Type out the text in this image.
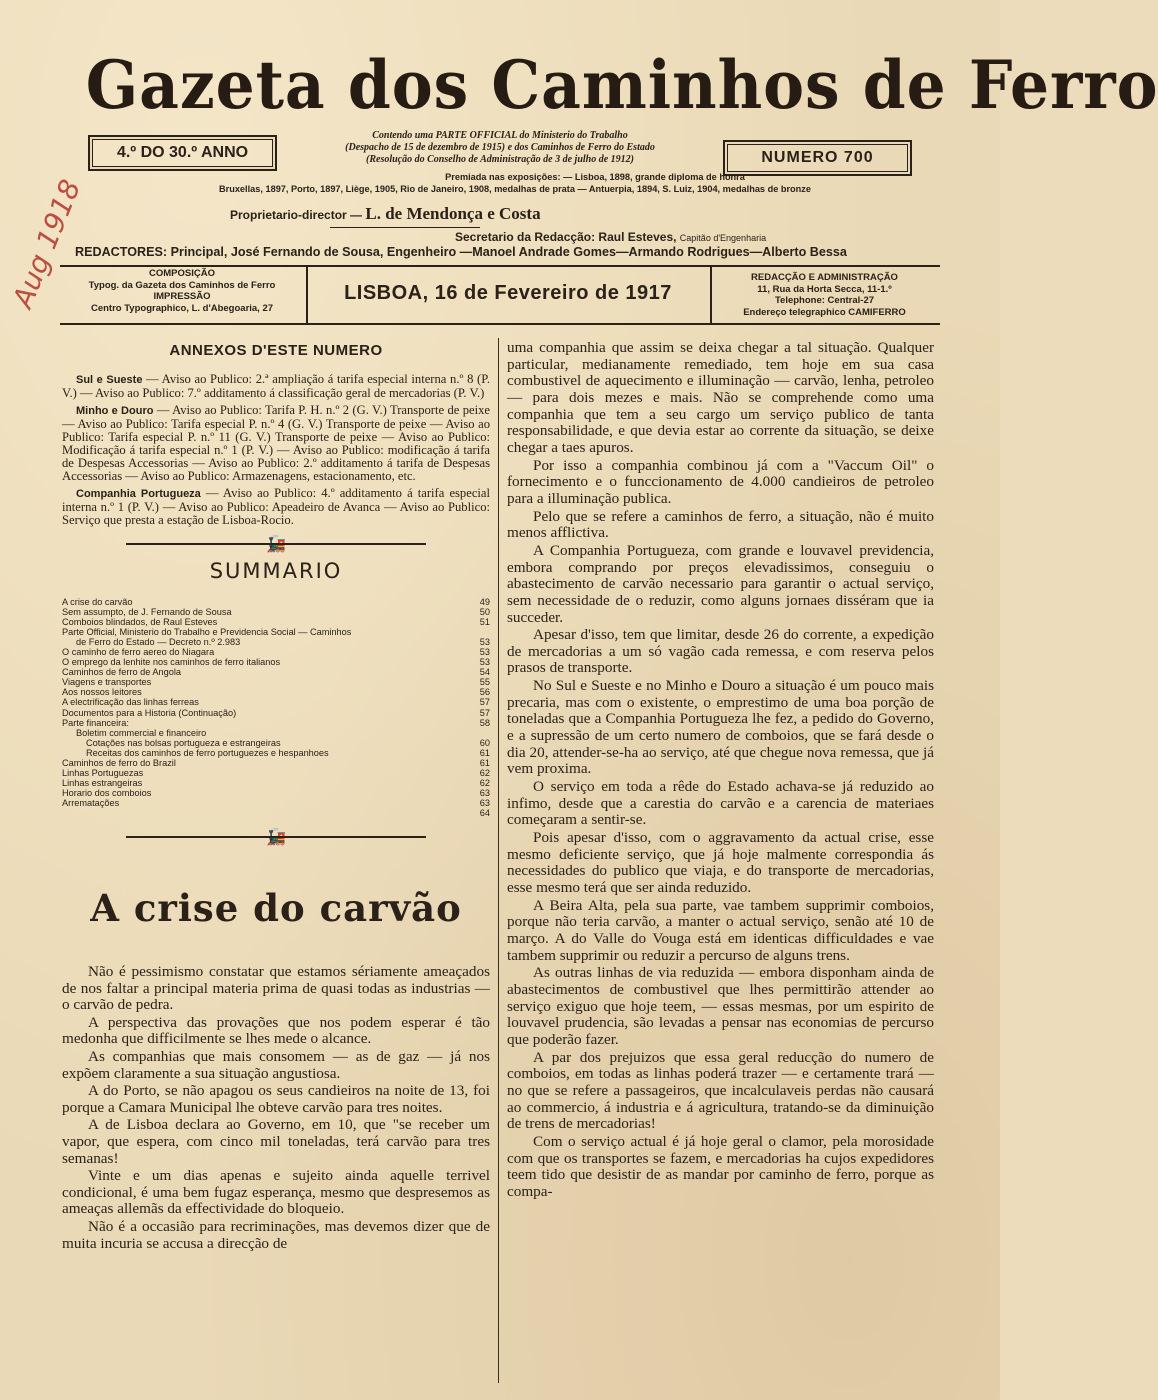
Gazeta dos Caminhos de Ferro
4.º DO 30.º ANNO
Contendo uma PARTE OFFICIAL do Ministerio do Trabalho
(Despacho de 15 de dezembro de 1915) e dos Caminhos de Ferro do Estado
(Resolução do Conselho de Administração de 3 de julho de 1912)	NUMERO 700
Premiada nas exposições: — Lisboa, 1898, grande diploma de honra
Bruxellas, 1897, Porto, 1897, Liège, 1905, Rio de Janeiro, 1908, medalhas de prata — Antuerpia, 1894, S. Luiz, 1904, medalhas de bronze
Aug 1918	Proprietario-director — L. de Mendonça e Costa
Secretario da Redacção: Raul Esteves, Capitão d'Engenharia
REDACTORES: Principal, José Fernando de Sousa, Engenheiro —Manoel Andrade Gomes—Armando Rodrigues—Alberto Bessa
COMPOSIÇÃO
Typog. da Gazeta dos Caminhos de Ferro
IMPRESSÃO
Centro Typographico, L. d'Abegoaria, 27
LISBOA, 16 de Fevereiro de 1917
REDACÇÃO E ADMINISTRAÇÃO
11, Rua da Horta Secca, 11-1.º
Telephone: Central-27
Endereço telegraphico CAMIFERRO
ANNEXOS D'ESTE NUMERO

Sul e Sueste — Aviso ao Publico: 2.ª ampliação á tarifa especial interna n.º 8 (P. V.) — Aviso ao Publico: 7.º additamento á classificação geral de mercadorias (P. V.)

Minho e Douro — Aviso ao Publico: Tarifa P. H. n.º 2 (G. V.) Transporte de peixe — Aviso ao Publico: Tarifa especial P. n.º 4 (G. V.) Transporte de peixe — Aviso ao Publico: Tarifa especial P. n.º 11 (G. V.) Transporte de peixe — Aviso ao Publico: Modificação á tarifa especial n.º 1 (P. V.) — Aviso ao Publico: modificação á tarifa de Despesas Accessorias — Aviso ao Publico: 2.º additamento á tarifa de Despesas Accessorias — Aviso ao Publico: Armazenagens, estacionamento, etc.

Companhia Portugueza — Aviso ao Publico: 4.º additamento á tarifa especial interna n.º 1 (P. V.) — Aviso ao Publico: Apeadeiro de Avanca — Aviso ao Publico: Serviço que presta a estação de Lisboa-Rocio.

🚂
SUMMARIO
A crise do carvão	49
Sem assumpto, de J. Fernando de Sousa	50
Comboios blindados, de Raul Esteves	51
Parte Official, Ministerio do Trabalho e Previdencia Social — Caminhos
de Ferro do Estado — Decreto n.º 2.983	53
O caminho de ferro aereo do Niagara	53
O emprego da lenhite nos caminhos de ferro italianos	53
Caminhos de ferro de Angola	54
Viagens e transportes	55
Aos nossos leitores	56
A electrificação das linhas ferreas	57
Documentos para a Historia (Continuação)	57
Parte financeira:	58
Boletim commercial e financeiro
Cotações nas bolsas portugueza e estrangeiras	60
Receitas dos caminhos de ferro portuguezes e hespanhoes	61
Caminhos de ferro do Brazil	61
Linhas Portuguezas	62
Linhas estrangeiras	62
Horario dos comboios	63
Arrematações	63
64
🚂
A crise do carvão

Não é pessimismo constatar que estamos sériamente ameaçados de nos faltar a principal materia prima de quasi todas as industrias — o carvão de pedra.

A perspectiva das provações que nos podem esperar é tão medonha que difficilmente se lhes mede o alcance.

As companhias que mais consomem — as de gaz — já nos expõem claramente a sua situação angustiosa.

A do Porto, se não apagou os seus candieiros na noite de 13, foi porque a Camara Municipal lhe obteve carvão para tres noites.

A de Lisboa declara ao Governo, em 10, que "se receber um vapor, que espera, com cinco mil toneladas, terá carvão para tres semanas!

Vinte e um dias apenas e sujeito ainda aquelle terrivel condicional, é uma bem fugaz esperança, mesmo que despresemos as ameaças allemãs da effectividade do bloqueio.

Não é a occasião para recriminações, mas devemos dizer que de muita incuria se accusa a direcção de

uma companhia que assim se deixa chegar a tal situação. Qualquer particular, medianamente remediado, tem hoje em sua casa combustivel de aquecimento e illuminação — carvão, lenha, petroleo — para dois mezes e mais. Não se comprehende como uma companhia que tem a seu cargo um serviço publico de tanta responsabilidade, e que devia estar ao corrente da situação, se deixe chegar a taes apuros.

Por isso a companhia combinou já com a "Vaccum Oil" o fornecimento e o funccionamento de 4.000 candieiros de petroleo para a illuminação publica.

Pelo que se refere a caminhos de ferro, a situação, não é muito menos afflictiva.

A Companhia Portugueza, com grande e louvavel previdencia, embora comprando por preços elevadissimos, conseguiu o abastecimento de carvão necessario para garantir o actual serviço, sem necessidade de o reduzir, como alguns jornaes disséram que ia succeder.

Apesar d'isso, tem que limitar, desde 26 do corrente, a expedição de mercadorias a um só vagão cada remessa, e com reserva pelos prasos de transporte.

No Sul e Sueste e no Minho e Douro a situação é um pouco mais precaria, mas com o existente, o emprestimo de uma boa porção de toneladas que a Companhia Portugueza lhe fez, a pedido do Governo, e a supressão de um certo numero de comboios, que se fará desde o dia 20, attender-se-ha ao serviço, até que chegue nova remessa, que já vem proxima.

O serviço em toda a rêde do Estado achava-se já reduzido ao infimo, desde que a carestia do carvão e a carencia de materiaes começaram a sentir-se.

Pois apesar d'isso, com o aggravamento da actual crise, esse mesmo deficiente serviço, que já hoje malmente correspondia ás necessidades do publico que viaja, e do transporte de mercadorias, esse mesmo terá que ser ainda reduzido.

A Beira Alta, pela sua parte, vae tambem supprimir comboios, porque não teria carvão, a manter o actual serviço, senão até 10 de março. A do Valle do Vouga está em identicas difficuldades e vae tambem supprimir ou reduzir a percurso de alguns trens.

As outras linhas de via reduzida — embora disponham ainda de abastecimentos de combustivel que lhes permittirão attender ao serviço exiguo que hoje teem, — essas mesmas, por um espirito de louvavel prudencia, são levadas a pensar nas economias de percurso que poderão fazer.

A par dos prejuizos que essa geral reducção do numero de comboios, em todas as linhas poderá trazer — e certamente trará — no que se refere a passageiros, que incalculaveis perdas não causará ao commercio, á industria e á agricultura, tratando-se da diminuição de trens de mercadorias!

Com o serviço actual é já hoje geral o clamor, pela morosidade com que os transportes se fazem, e mercadorias ha cujos expedidores teem tido que desistir de as mandar por caminho de ferro, porque as compa-
